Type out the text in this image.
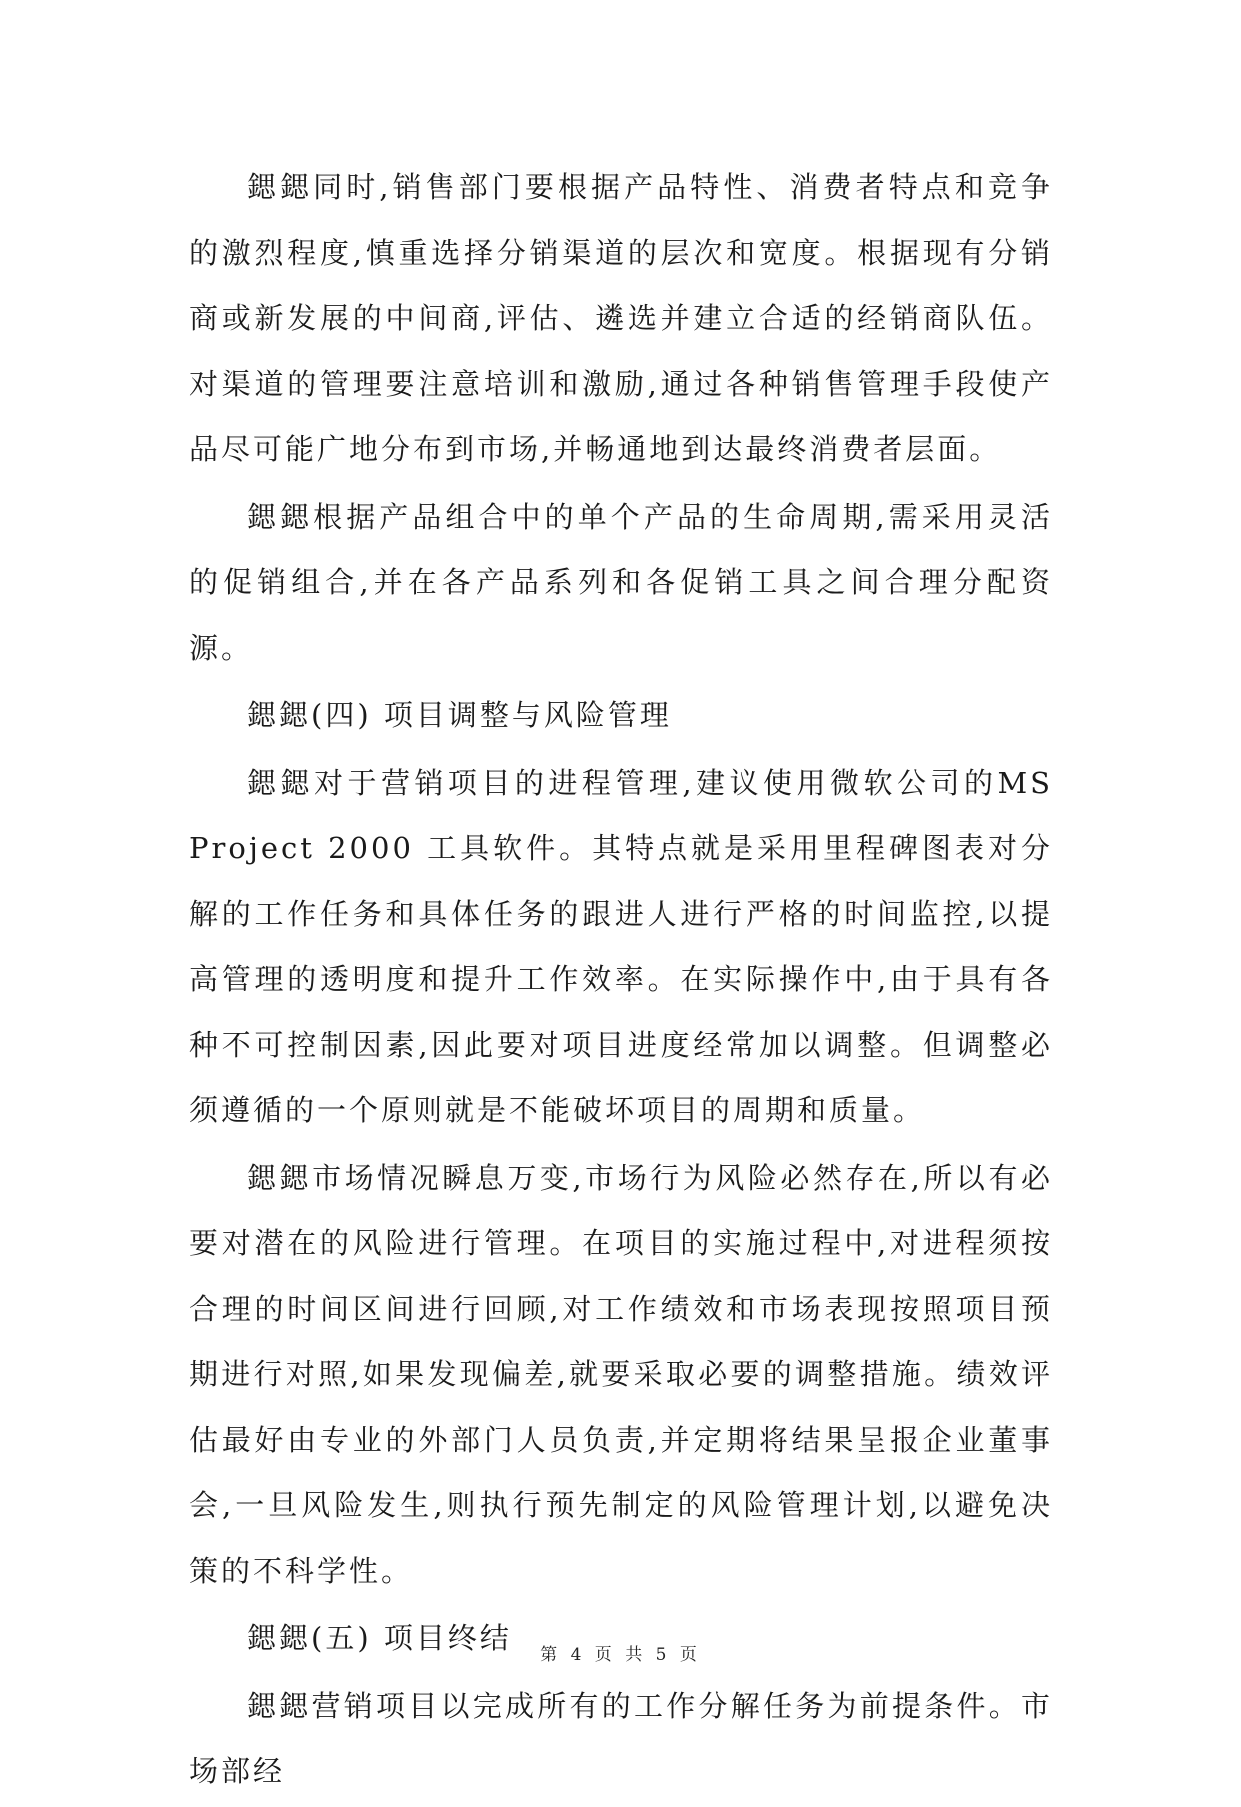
鍶鍶同时,销售部门要根据产品特性、消费者特点和竞争的激烈程度,慎重选择分销渠道的层次和宽度。根据现有分销商或新发展的中间商,评估、遴选并建立合适的经销商队伍。对渠道的管理要注意培训和激励,通过各种销售管理手段使产品尽可能广地分布到市场,并畅通地到达最终消费者层面。

鍶鍶根据产品组合中的单个产品的生命周期,需采用灵活的促销组合,并在各产品系列和各促销工具之间合理分配资源。

鍶鍶(四) 项目调整与风险管理

鍶鍶对于营销项目的进程管理,建议使用微软公司的MS Project 2000 工具软件。其特点就是采用里程碑图表对分解的工作任务和具体任务的跟进人进行严格的时间监控,以提高管理的透明度和提升工作效率。在实际操作中,由于具有各种不可控制因素,因此要对项目进度经常加以调整。但调整必须遵循的一个原则就是不能破坏项目的周期和质量。

鍶鍶市场情况瞬息万变,市场行为风险必然存在,所以有必要对潜在的风险进行管理。在项目的实施过程中,对进程须按合理的时间区间进行回顾,对工作绩效和市场表现按照项目预期进行对照,如果发现偏差,就要采取必要的调整措施。绩效评估最好由专业的外部门人员负责,并定期将结果呈报企业董事会,一旦风险发生,则执行预先制定的风险管理计划,以避免决策的不科学性。

鍶鍶(五) 项目终结

鍶鍶营销项目以完成所有的工作分解任务为前提条件。市场部经

第 4 页 共 5 页
